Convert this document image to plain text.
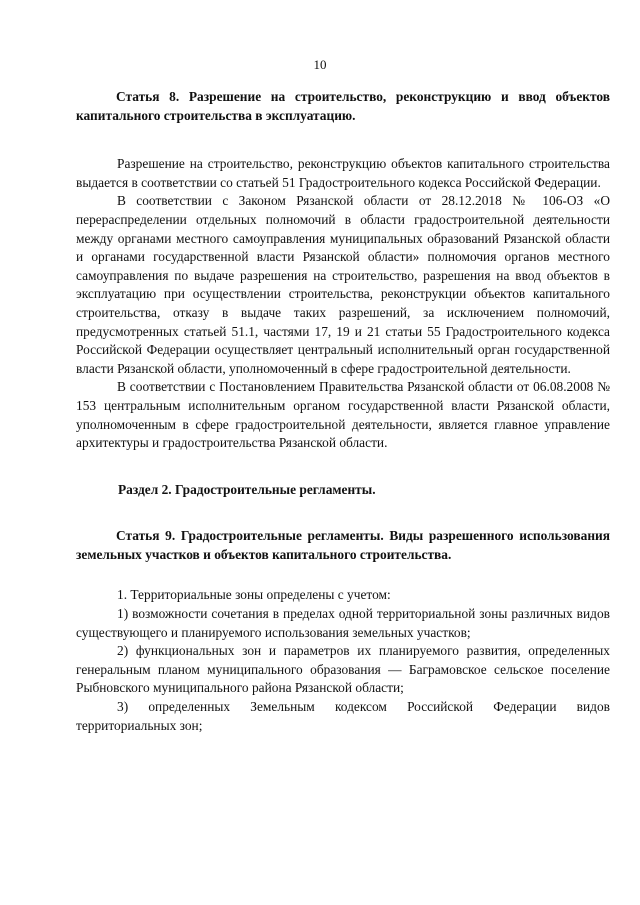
10

Статья 8. Разрешение на строительство, реконструкцию и ввод объектов капитального строительства в эксплуатацию.

Разрешение на строительство, реконструкцию объектов капитального строительства выдается в соответствии со статьей 51 Градостроительного кодекса Российской Федерации.

В соответствии с Законом Рязанской области от 28.12.2018 № 106-ОЗ «О перераспределении отдельных полномочий в области градостроительной деятельности между органами местного самоуправления муниципальных образований Рязанской области и органами государственной власти Рязанской области» полномочия органов местного самоуправления по выдаче разрешения на строительство, разрешения на ввод объектов в эксплуатацию при осуществлении строительства, реконструкции объектов капитального строительства, отказу в выдаче таких разрешений, за исключением полномочий, предусмотренных статьей 51.1, частями 17, 19 и 21 статьи 55 Градостроительного кодекса Российской Федерации осуществляет центральный исполнительный орган государственной власти Рязанской области, уполномоченный в сфере градостроительной деятельности.

В соответствии с Постановлением Правительства Рязанской области от 06.08.2008 № 153 центральным исполнительным органом государственной власти Рязанской области, уполномоченным в сфере градостроительной деятельности, является главное управление архитектуры и градостроительства Рязанской области.

Раздел 2. Градостроительные регламенты.

Статья 9. Градостроительные регламенты. Виды разрешенного использования земельных участков и объектов капитального строительства.

1. Территориальные зоны определены с учетом:

1) возможности сочетания в пределах одной территориальной зоны различных видов существующего и планируемого использования земельных участков;

2) функциональных зон и параметров их планируемого развития, определенных генеральным планом муниципального образования — Баграмовское сельское поселение Рыбновского муниципального района Рязанской области;

3) определенных Земельным кодексом Российской Федерации видов территориальных зон;
